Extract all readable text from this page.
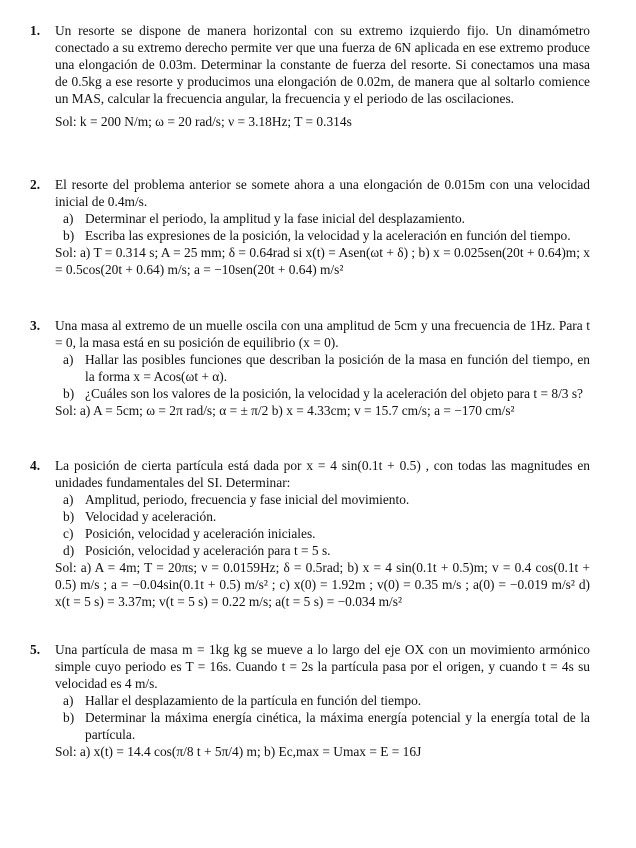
1. Un resorte se dispone de manera horizontal con su extremo izquierdo fijo. Un dinamómetro conectado a su extremo derecho permite ver que una fuerza de 6N aplicada en ese extremo produce una elongación de 0.03m. Determinar la constante de fuerza del resorte. Si conectamos una masa de 0.5kg a ese resorte y producimos una elongación de 0.02m, de manera que al soltarlo comience un MAS, calcular la frecuencia angular, la frecuencia y el periodo de las oscilaciones.

Sol: k = 200 N/m; ω = 20 rad/s; ν = 3.18Hz; T = 0.314s

2. El resorte del problema anterior se somete ahora a una elongación de 0.015m con una velocidad inicial de 0.4m/s.

a) Determinar el periodo, la amplitud y la fase inicial del desplazamiento.
b) Escriba las expresiones de la posición, la velocidad y la aceleración en función del tiempo.

Sol: a) T = 0.314 s; A = 25 mm; δ = 0.64rad si x(t) = Asen(ωt + δ) ; b) x = 0.025sen(20t + 0.64)m; x = 0.5cos(20t + 0.64) m/s; a = −10sen(20t + 0.64) m/s²

3. Una masa al extremo de un muelle oscila con una amplitud de 5cm y una frecuencia de 1Hz. Para t = 0, la masa está en su posición de equilibrio (x = 0).

a) Hallar las posibles funciones que describan la posición de la masa en función del tiempo, en la forma x = Acos(ωt + α).
b) ¿Cuáles son los valores de la posición, la velocidad y la aceleración del objeto para t = 8/3 s?

Sol: a) A = 5cm; ω = 2π rad/s; α = ± π/2 b) x = 4.33cm; v = 15.7 cm/s; a = −170 cm/s²

4. La posición de cierta partícula está dada por x = 4 sin(0.1t + 0.5) , con todas las magnitudes en unidades fundamentales del SI. Determinar:

a) Amplitud, periodo, frecuencia y fase inicial del movimiento.
b) Velocidad y aceleración.
c) Posición, velocidad y aceleración iniciales.
d) Posición, velocidad y aceleración para t = 5 s.

Sol: a) A = 4m; T = 20πs; ν = 0.0159Hz; δ = 0.5rad; b) x = 4 sin(0.1t + 0.5)m; v = 0.4 cos(0.1t + 0.5) m/s ; a = −0.04sin(0.1t + 0.5) m/s² ; c) x(0) = 1.92m ; v(0) = 0.35 m/s ; a(0) = −0.019 m/s² d) x(t = 5 s) = 3.37m; v(t = 5 s) = 0.22 m/s; a(t = 5 s) = −0.034 m/s²

5. Una partícula de masa m = 1kg kg se mueve a lo largo del eje OX con un movimiento armónico simple cuyo periodo es T = 16s. Cuando t = 2s la partícula pasa por el origen, y cuando t = 4s su velocidad es 4 m/s.

a) Hallar el desplazamiento de la partícula en función del tiempo.
b) Determinar la máxima energía cinética, la máxima energía potencial y la energía total de la partícula.

Sol: a) x(t) = 14.4 cos(π/8 t + 5π/4) m; b) Ec,max = Umax = E = 16J
